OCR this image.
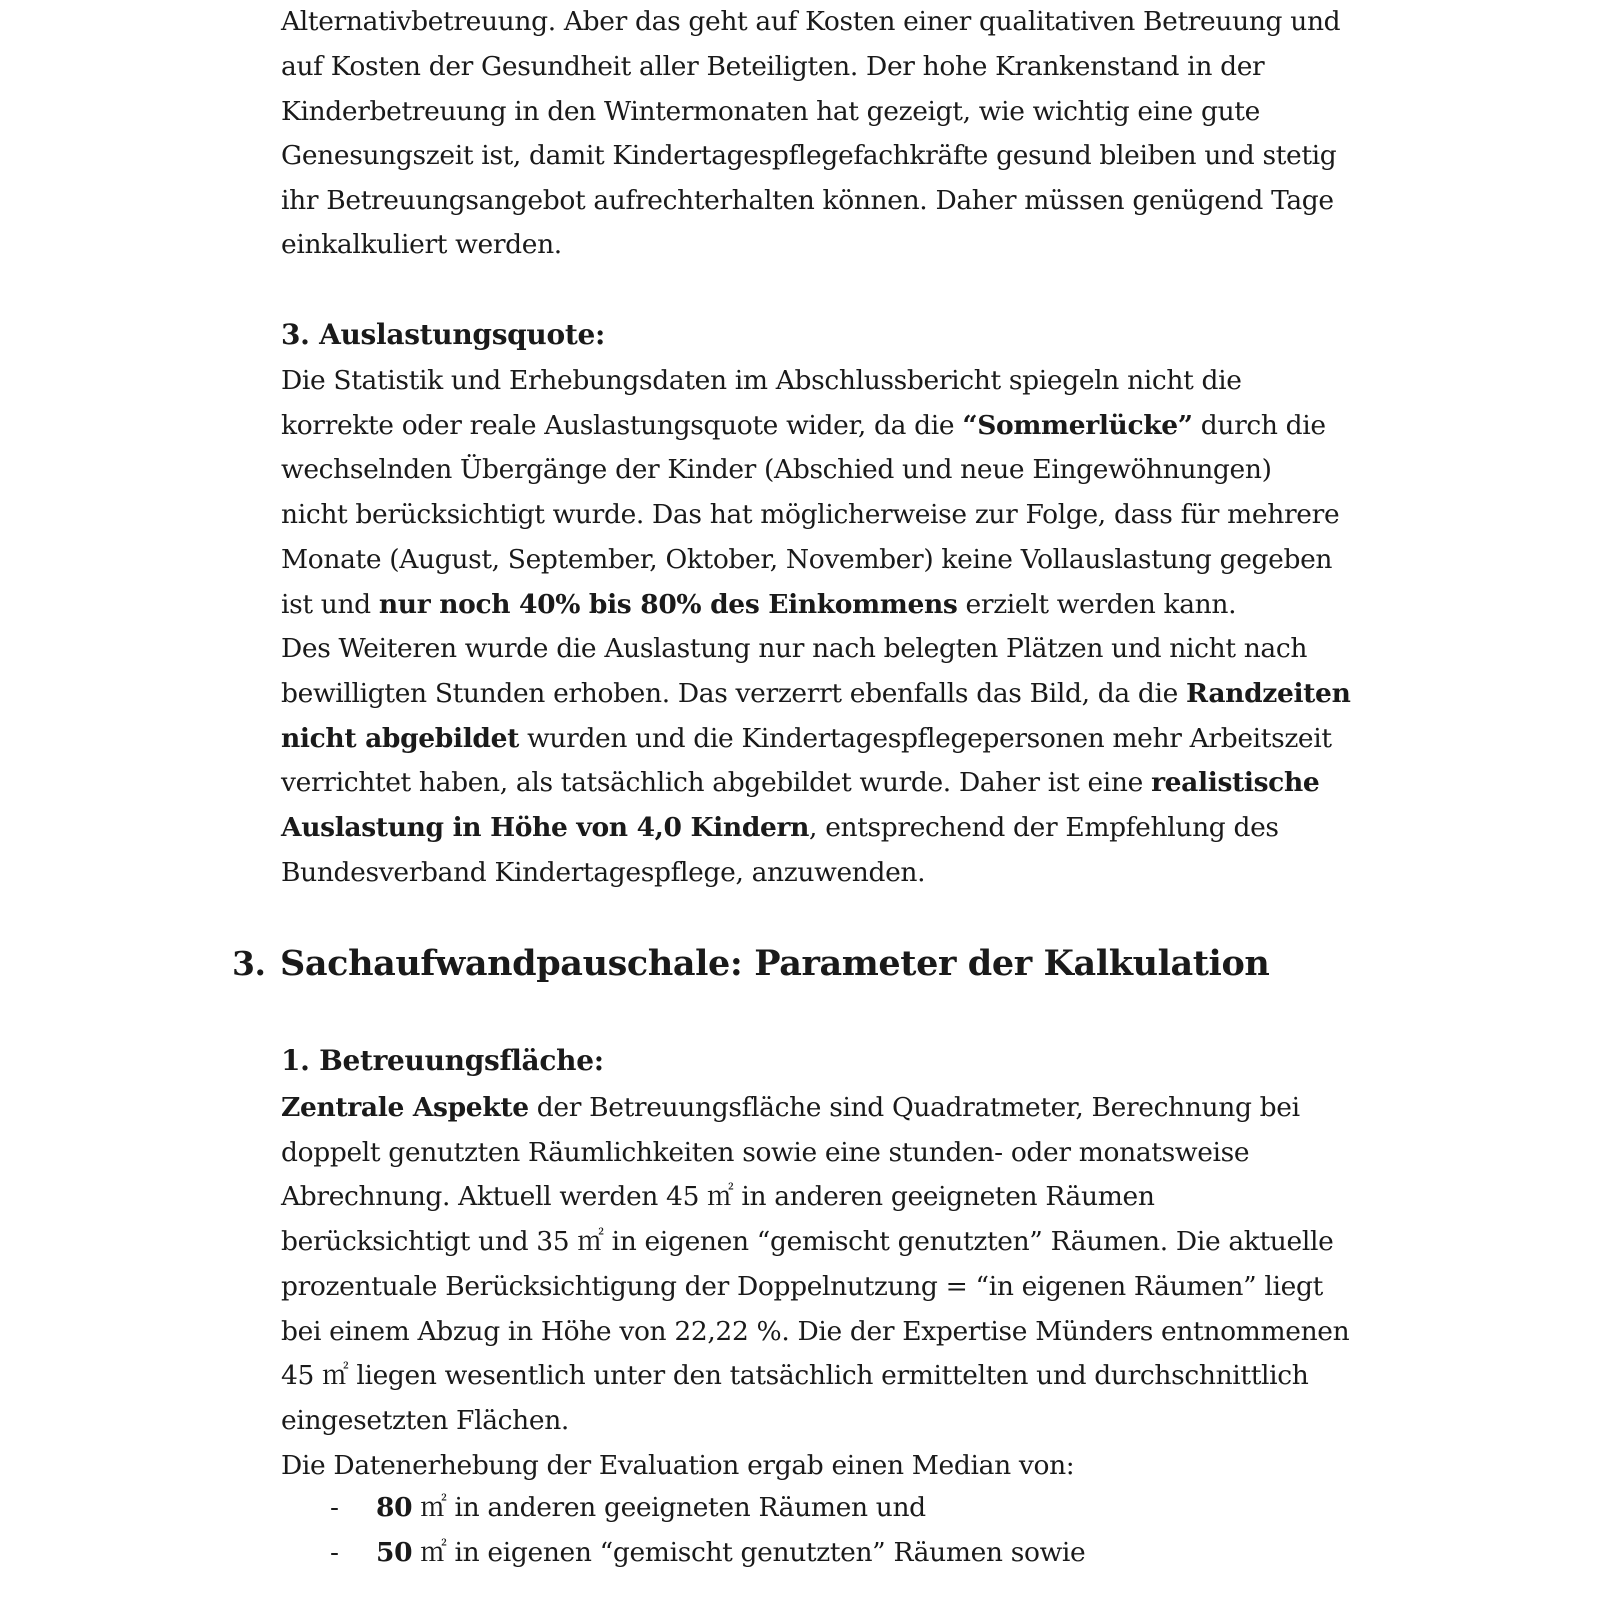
Alternativbetreuung. Aber das geht auf Kosten einer qualitativen Betreuung und
auf Kosten der Gesundheit aller Beteiligten. Der hohe Krankenstand in der
Kinderbetreuung in den Wintermonaten hat gezeigt, wie wichtig eine gute
Genesungszeit ist, damit Kindertagespflegefachkräfte gesund bleiben und stetig
ihr Betreuungsangebot aufrechterhalten können. Daher müssen genügend Tage
einkalkuliert werden.
3. Auslastungsquote:
Die Statistik und Erhebungsdaten im Abschlussbericht spiegeln nicht die
korrekte oder reale Auslastungsquote wider, da die “Sommerlücke” durch die
wechselnden Übergänge der Kinder (Abschied und neue Eingewöhnungen)
nicht berücksichtigt wurde. Das hat möglicherweise zur Folge, dass für mehrere
Monate (August, September, Oktober, November) keine Vollauslastung gegeben
ist und nur noch 40% bis 80% des Einkommens erzielt werden kann.
Des Weiteren wurde die Auslastung nur nach belegten Plätzen und nicht nach
bewilligten Stunden erhoben. Das verzerrt ebenfalls das Bild, da die Randzeiten
nicht abgebildet wurden und die Kindertagespflegepersonen mehr Arbeitszeit
verrichtet haben, als tatsächlich abgebildet wurde. Daher ist eine realistische
Auslastung in Höhe von 4,0 Kindern, entsprechend der Empfehlung des
Bundesverband Kindertagespflege, anzuwenden.
3. Sachaufwandpauschale: Parameter der Kalkulation
1. Betreuungsfläche:
Zentrale Aspekte der Betreuungsfläche sind Quadratmeter, Berechnung bei
doppelt genutzten Räumlichkeiten sowie eine stunden- oder monatsweise
Abrechnung. Aktuell werden 45 ㎡ in anderen geeigneten Räumen
berücksichtigt und 35 ㎡ in eigenen “gemischt genutzten” Räumen. Die aktuelle
prozentuale Berücksichtigung der Doppelnutzung = “in eigenen Räumen” liegt
bei einem Abzug in Höhe von 22,22 %. Die der Expertise Münders entnommenen
45 ㎡ liegen wesentlich unter den tatsächlich ermittelten und durchschnittlich
eingesetzten Flächen.
Die Datenerhebung der Evaluation ergab einen Median von:
- 80 ㎡ in anderen geeigneten Räumen und
- 50 ㎡ in eigenen “gemischt genutzten” Räumen sowie
